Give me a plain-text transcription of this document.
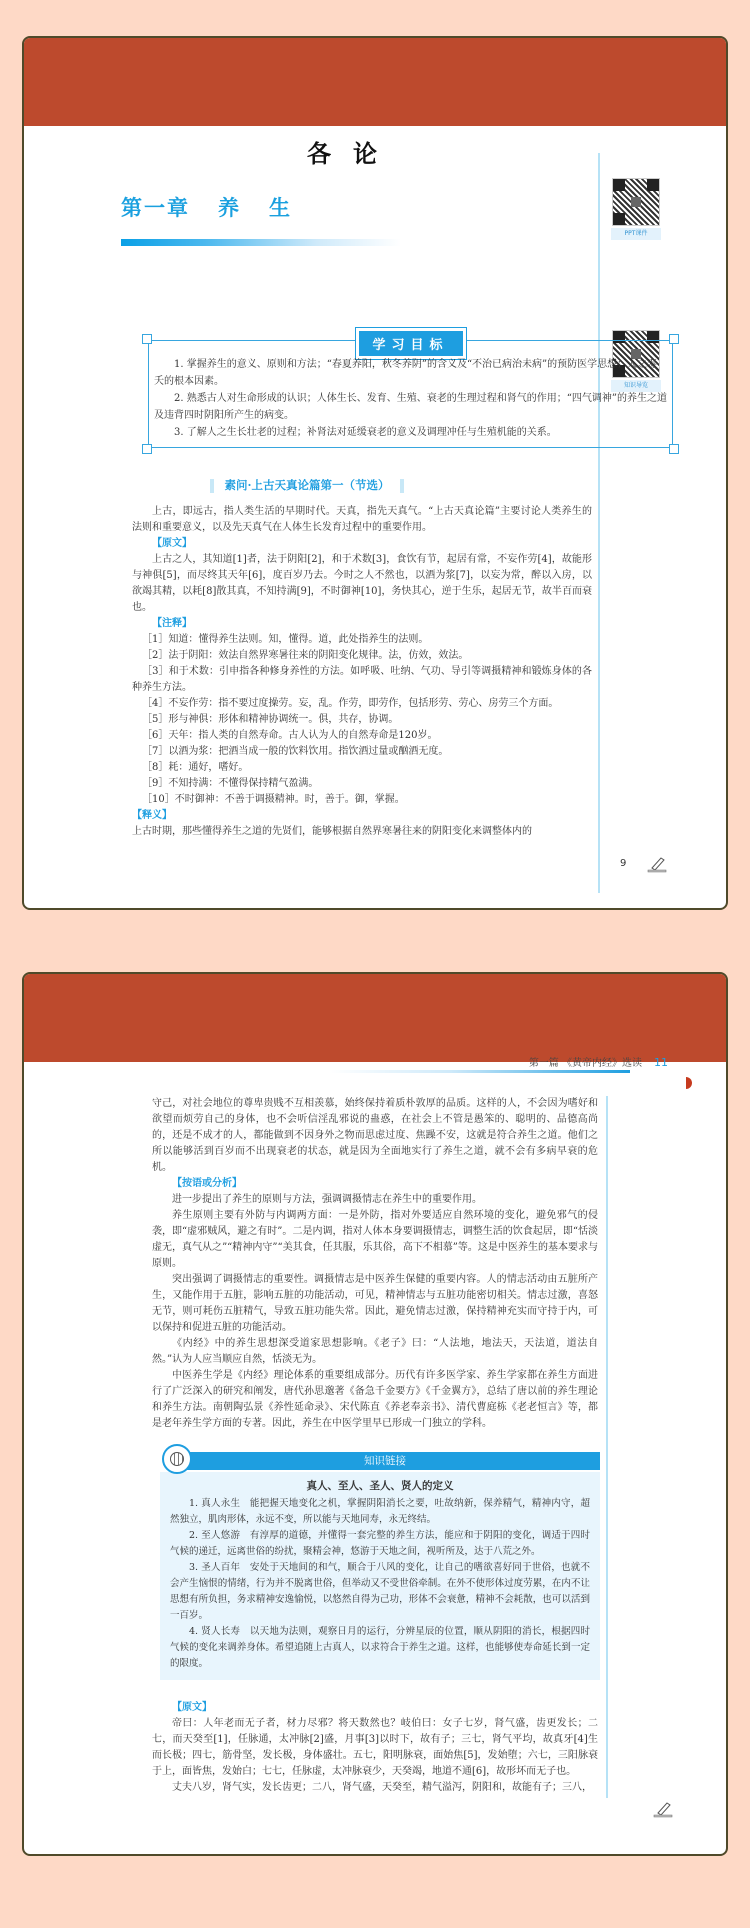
各论
第一章 养 生
PPT课件
知识导览
学习目标

1. 掌握养生的意义、原则和方法；“春夏养阳，秋冬养阴”的含义及“不治已病治未病”的预防医学思想；人之寿夭的根本因素。

2. 熟悉古人对生命形成的认识；人体生长、发育、生殖、衰老的生理过程和肾气的作用；“四气调神”的养生之道及违背四时阴阳所产生的病变。

3. 了解人之生长壮老的过程；补肾法对延缓衰老的意义及调理冲任与生殖机能的关系。

素问·上古天真论篇第一（节选）

上古，即远古，指人类生活的早期时代。天真，指先天真气。“上古天真论篇”主要讨论人类养生的法则和重要意义，以及先天真气在人体生长发育过程中的重要作用。

【原文】

上古之人，其知道[1]者，法于阴阳[2]，和于术数[3]，食饮有节，起居有常，不妄作劳[4]，故能形与神俱[5]，而尽终其天年[6]，度百岁乃去。今时之人不然也，以酒为浆[7]，以妄为常，醉以入房，以欲竭其精，以耗[8]散其真，不知持满[9]，不时御神[10]，务快其心，逆于生乐，起居无节，故半百而衰也。

【注释】

［1］知道：懂得养生法则。知，懂得。道，此处指养生的法则。

［2］法于阴阳：效法自然界寒暑往来的阴阳变化规律。法，仿效，效法。

［3］和于术数：引申指各种修身养性的方法。如呼吸、吐纳、气功、导引等调摄精神和锻炼身体的各种养生方法。

［4］不妄作劳：指不要过度操劳。妄，乱。作劳，即劳作，包括形劳、劳心、房劳三个方面。

［5］形与神俱：形体和精神协调统一。俱，共存，协调。

［6］天年：指人类的自然寿命。古人认为人的自然寿命是120岁。

［7］以酒为浆：把酒当成一般的饮料饮用。指饮酒过量或酗酒无度。

［8］耗：通好，嗜好。

［9］不知持满：不懂得保持精气盈满。

［10］不时御神：不善于调摄精神。时，善于。御，掌握。

【释义】

上古时期，那些懂得养生之道的先贤们，能够根据自然界寒暑往来的阴阳变化来调整体内的

9
第一篇 《黄帝内经》选读 11

守己，对社会地位的尊卑贵贱不互相羡慕，始终保持着质朴敦厚的品质。这样的人，不会因为嗜好和欲望而烦劳自己的身体，也不会听信淫乱邪说的蛊惑，在社会上不管是愚笨的、聪明的、品德高尚的，还是不成才的人，都能做到不因身外之物而思虑过度、焦躁不安，这就是符合养生之道。他们之所以能够活到百岁而不出现衰老的状态，就是因为全面地实行了养生之道，就不会有多病早衰的危机。

【按语或分析】

进一步提出了养生的原则与方法，强调调摄情志在养生中的重要作用。

养生原则主要有外防与内调两方面：一是外防，指对外要适应自然环境的变化，避免邪气的侵袭，即“虚邪贼风，避之有时”。二是内调，指对人体本身要调摄情志，调整生活的饮食起居，即“恬淡虚无，真气从之”“精神内守”“美其食，任其服，乐其俗，高下不相慕”等。这是中医养生的基本要求与原则。

突出强调了调摄情志的重要性。调摄情志是中医养生保健的重要内容。人的情志活动由五脏所产生，又能作用于五脏，影响五脏的功能活动，可见，精神情志与五脏功能密切相关。情志过激，喜怒无节，则可耗伤五脏精气，导致五脏功能失常。因此，避免情志过激，保持精神充实而守持于内，可以保持和促进五脏的功能活动。

《内经》中的养生思想深受道家思想影响。《老子》曰：“人法地，地法天，天法道，道法自然。”认为人应当顺应自然，恬淡无为。

中医养生学是《内经》理论体系的重要组成部分。历代有许多医学家、养生学家都在养生方面进行了广泛深入的研究和阐发，唐代孙思邈著《备急千金要方》《千金翼方》，总结了唐以前的养生理论和养生方法。南朝陶弘景《养性延命录》、宋代陈直《养老奉亲书》、清代曹庭栋《老老恒言》等，都是老年养生学方面的专著。因此，养生在中医学里早已形成一门独立的学科。

知识链接
真人、至人、圣人、贤人的定义

1. 真人永生　能把握天地变化之机，掌握阴阳消长之要，吐故纳新，保养精气，精神内守，超然独立，肌肉形体，永远不变，所以能与天地同寿，永无终结。

2. 至人悠游　有淳厚的道德，并懂得一套完整的养生方法，能应和于阴阳的变化，调适于四时气候的递迁，远离世俗的纷扰，聚精会神，悠游于天地之间，视听所及，达于八荒之外。

3. 圣人百年　安处于天地间的和气，顺合于八风的变化，让自己的嗜欲喜好同于世俗，也就不会产生恼恨的情绪，行为并不脱离世俗，但举动又不受世俗牵制。在外不使形体过度劳累，在内不让思想有所负担，务求精神安逸愉悦，以悠然自得为己功，形体不会衰惫，精神不会耗散，也可以活到一百岁。

4. 贤人长寿　以天地为法则，观察日月的运行，分辨星辰的位置，顺从阴阳的消长，根据四时气候的变化来调养身体。希望追随上古真人，以求符合于养生之道。这样，也能够使寿命延长到一定的限度。

【原文】

帝曰：人年老而无子者，材力尽邪？将天数然也？岐伯曰：女子七岁，肾气盛，齿更发长；二七，而天癸至[1]，任脉通，太冲脉[2]盛，月事[3]以时下，故有子；三七，肾气平均，故真牙[4]生而长极；四七，筋骨坚，发长极，身体盛壮。五七，阳明脉衰，面始焦[5]，发始堕；六七，三阳脉衰于上，面皆焦，发始白；七七，任脉虚，太冲脉衰少，天癸竭，地道不通[6]，故形坏而无子也。

丈夫八岁，肾气实，发长齿更；二八，肾气盛，天癸至，精气溢泻，阴阳和，故能有子；三八，
